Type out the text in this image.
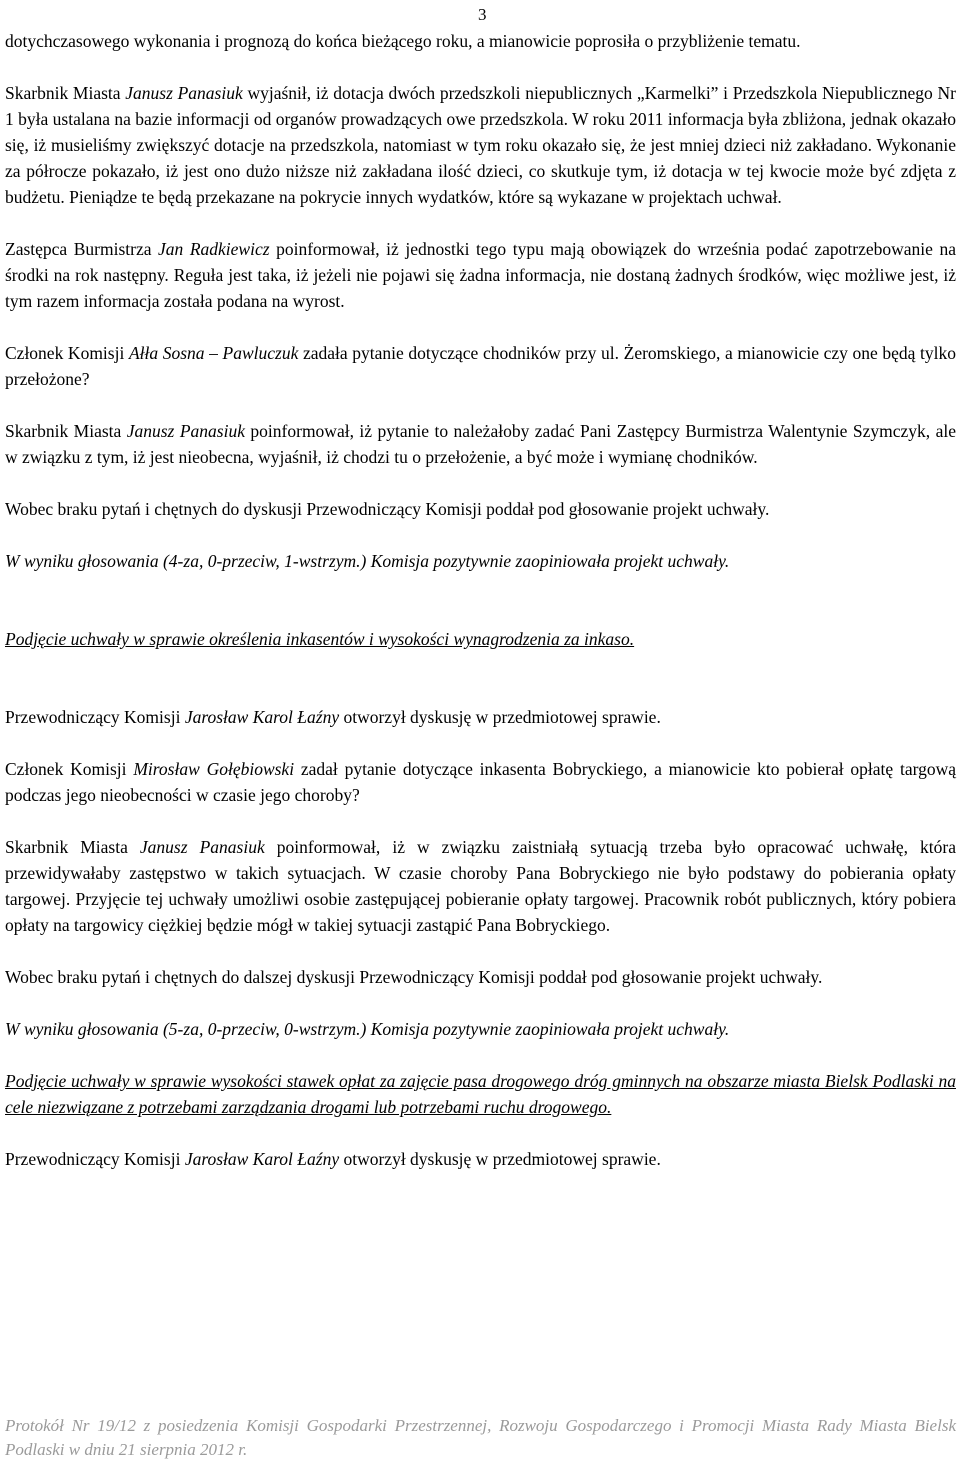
3

dotychczasowego wykonania i prognozą do końca bieżącego roku, a mianowicie poprosiła o przybliżenie tematu.

Skarbnik Miasta Janusz Panasiuk wyjaśnił, iż dotacja dwóch przedszkoli niepublicznych „Karmelki” i Przedszkola Niepublicznego Nr 1 była ustalana na bazie informacji od organów prowadzących owe przedszkola. W roku 2011 informacja była zbliżona, jednak okazało się, iż musieliśmy zwiększyć dotacje na przedszkola, natomiast w tym roku okazało się, że jest mniej dzieci niż zakładano. Wykonanie za półrocze pokazało, iż jest ono dużo niższe niż zakładana ilość dzieci, co skutkuje tym, iż dotacja w tej kwocie może być zdjęta z budżetu. Pieniądze te będą przekazane na pokrycie innych wydatków, które są wykazane w projektach uchwał.

Zastępca Burmistrza Jan Radkiewicz poinformował, iż jednostki tego typu mają obowiązek do września podać zapotrzebowanie na środki na rok następny. Reguła jest taka, iż jeżeli nie pojawi się żadna informacja, nie dostaną żadnych środków, więc możliwe jest, iż tym razem informacja została podana na wyrost.

Członek Komisji Ałła Sosna – Pawluczuk zadała pytanie dotyczące chodników przy ul. Żeromskiego, a mianowicie czy one będą tylko przełożone?

Skarbnik Miasta Janusz Panasiuk poinformował, iż pytanie to należałoby zadać Pani Zastępcy Burmistrza Walentynie Szymczyk, ale w związku z tym, iż jest nieobecna, wyjaśnił, iż chodzi tu o przełożenie, a być może i wymianę chodników.

Wobec braku pytań i chętnych do dyskusji Przewodniczący Komisji poddał pod głosowanie projekt uchwały.

W wyniku głosowania (4-za, 0-przeciw, 1-wstrzym.) Komisja pozytywnie zaopiniowała projekt uchwały.

Podjęcie uchwały w sprawie określenia inkasentów i wysokości wynagrodzenia za inkaso.

Przewodniczący Komisji Jarosław Karol Łaźny otworzył dyskusję w przedmiotowej sprawie.

Członek Komisji Mirosław Gołębiowski zadał pytanie dotyczące inkasenta Bobryckiego, a mianowicie kto pobierał opłatę targową podczas jego nieobecności w czasie jego choroby?

Skarbnik Miasta Janusz Panasiuk poinformował, iż w związku zaistniałą sytuacją trzeba było opracować uchwałę, która przewidywałaby zastępstwo w takich sytuacjach. W czasie choroby Pana Bobryckiego nie było podstawy do pobierania opłaty targowej. Przyjęcie tej uchwały umożliwi osobie zastępującej pobieranie opłaty targowej. Pracownik robót publicznych, który pobiera opłaty na targowicy ciężkiej będzie mógł w takiej sytuacji zastąpić Pana Bobryckiego.

Wobec braku pytań i chętnych do dalszej dyskusji Przewodniczący Komisji poddał pod głosowanie projekt uchwały.

W wyniku głosowania (5-za, 0-przeciw, 0-wstrzym.) Komisja pozytywnie zaopiniowała projekt uchwały.

Podjęcie uchwały w sprawie wysokości stawek opłat za zajęcie pasa drogowego dróg gminnych na obszarze miasta Bielsk Podlaski na cele niezwiązane z potrzebami zarządzania drogami lub potrzebami ruchu drogowego.

Przewodniczący Komisji Jarosław Karol Łaźny otworzył dyskusję w przedmiotowej sprawie.

Protokół Nr 19/12 z posiedzenia Komisji Gospodarki Przestrzennej, Rozwoju Gospodarczego i Promocji Miasta Rady Miasta Bielsk Podlaski w dniu 21 sierpnia 2012 r.
